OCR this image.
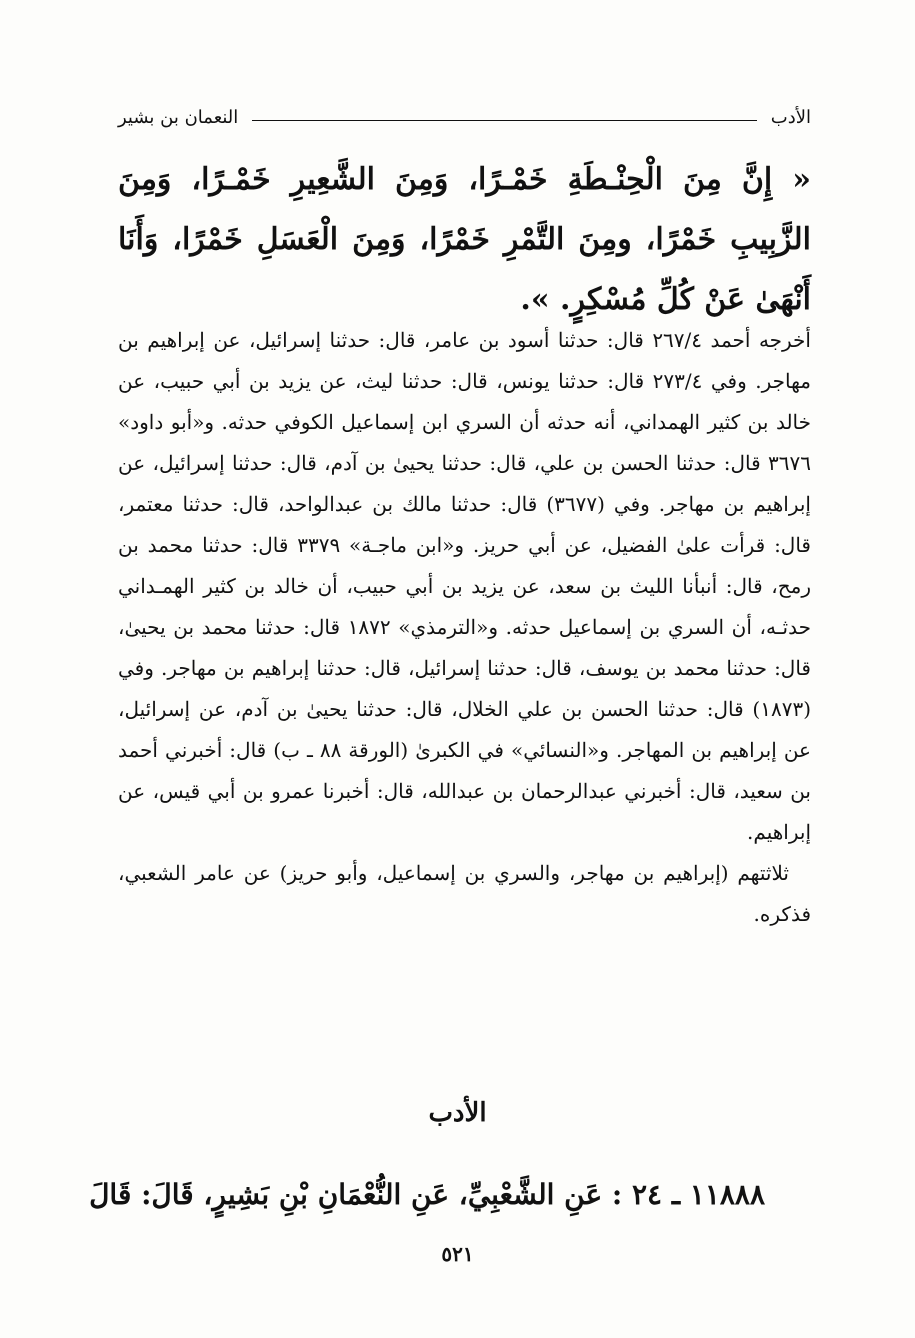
الأدب
النعمان بن بشير
« إِنَّ مِنَ الْحِنْـطَةِ خَمْـرًا، وَمِنَ الشَّعِيرِ خَمْـرًا، وَمِنَ الزَّبِيبِ خَمْرًا، ومِنَ التَّمْرِ خَمْرًا، وَمِنَ الْعَسَلِ خَمْرًا، وَأَنَا أَنْهَىٰ عَنْ كُلِّ مُسْكِرٍ. ».

أخرجه أحمد ٢٦٧/٤ قال: حدثنا أسود بن عامر، قال: حدثنا إسرائيل، عن إبراهيم بن مهاجر. وفي ٢٧٣/٤ قال: حدثنا يونس، قال: حدثنا ليث، عن يزيد بن أبي حبيب، عن خالد بن كثير الهمداني، أنه حدثه أن السري ابن إسماعيل الكوفي حدثه. و«أبو داود» ٣٦٧٦ قال: حدثنا الحسن بن علي، قال: حدثنا يحيىٰ بن آدم، قال: حدثنا إسرائيل، عن إبراهيم بن مهاجر. وفي (٣٦٧٧) قال: حدثنا مالك بن عبدالواحد، قال: حدثنا معتمر، قال: قرأت علىٰ الفضيل، عن أبي حريز. و«ابن ماجـة» ٣٣٧٩ قال: حدثنا محمد بن رمح، قال: أنبأنا الليث بن سعد، عن يزيد بن أبي حبيب، أن خالد بن كثير الهمـداني حدثـه، أن السري بن إسماعيل حدثه. و«الترمذي» ١٨٧٢ قال: حدثنا محمد بن يحيىٰ، قال: حدثنا محمد بن يوسف، قال: حدثنا إسرائيل، قال: حدثنا إبراهيم بن مهاجر. وفي (١٨٧٣) قال: حدثنا الحسن بن علي الخلال، قال: حدثنا يحيىٰ بن آدم، عن إسرائيل، عن إبراهيم بن المهاجر. و«النسائي» في الكبرىٰ (الورقة ٨٨ ـ ب) قال: أخبرني أحمد بن سعيد، قال: أخبرني عبدالرحمان بن عبدالله، قال: أخبرنا عمرو بن أبي قيس، عن إبراهيم.

ثلاثتهم (إبراهيم بن مهاجر، والسري بن إسماعيل، وأبو حريز) عن عامر الشعبي، فذكره.

الأدب
١١٨٨٨ ـ ٢٤ : عَنِ الشَّعْبِيِّ، عَنِ النُّعْمَانِ بْنِ بَشِيرٍ، قَالَ: قَالَ
٥٢١
